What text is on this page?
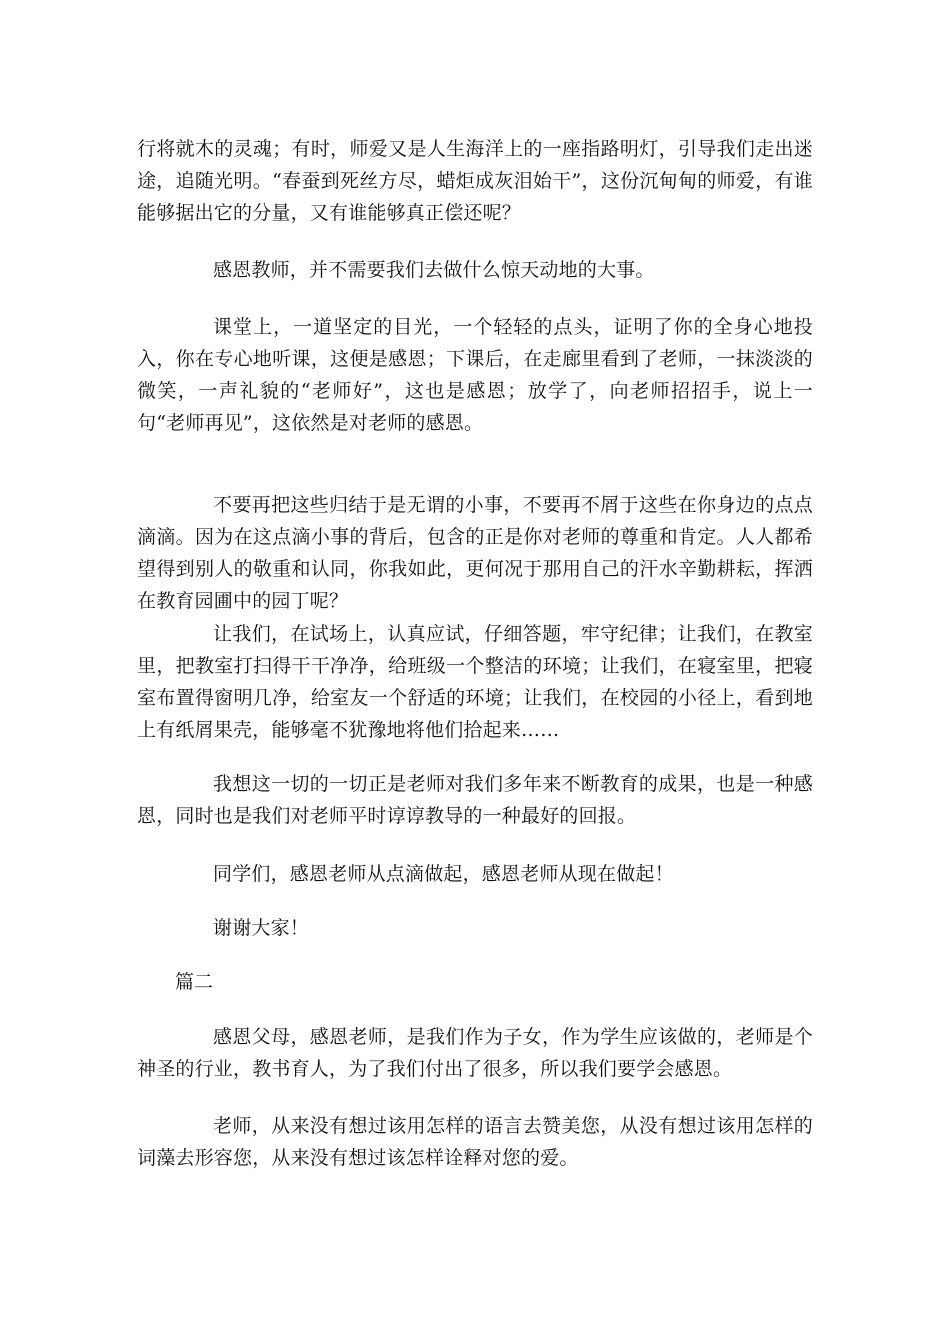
行将就木的灵魂；有时，师爱又是人生海洋上的一座指路明灯，引导我们走出迷途，追随光明。“春蚕到死丝方尽，蜡炬成灰泪始干”，这份沉甸甸的师爱，有谁能够据出它的分量，又有谁能够真正偿还呢？

感恩教师，并不需要我们去做什么惊天动地的大事。

课堂上，一道坚定的目光，一个轻轻的点头，证明了你的全身心地投入，你在专心地听课，这便是感恩；下课后，在走廊里看到了老师，一抹淡淡的微笑，一声礼貌的“老师好”，这也是感恩；放学了，向老师招招手，说上一句“老师再见”，这依然是对老师的感恩。

不要再把这些归结于是无谓的小事，不要再不屑于这些在你身边的点点滴滴。因为在这点滴小事的背后，包含的正是你对老师的尊重和肯定。人人都希望得到别人的敬重和认同，你我如此，更何况于那用自己的汗水辛勤耕耘，挥洒在教育园圃中的园丁呢？

让我们，在试场上，认真应试，仔细答题，牢守纪律；让我们，在教室里，把教室打扫得干干净净，给班级一个整洁的环境；让我们，在寝室里，把寝室布置得窗明几净，给室友一个舒适的环境；让我们，在校园的小径上，看到地上有纸屑果壳，能够毫不犹豫地将他们拾起来……

我想这一切的一切正是老师对我们多年来不断教育的成果，也是一种感恩，同时也是我们对老师平时谆谆教导的一种最好的回报。

同学们，感恩老师从点滴做起，感恩老师从现在做起！

谢谢大家！

篇二

感恩父母，感恩老师，是我们作为子女，作为学生应该做的，老师是个神圣的行业，教书育人，为了我们付出了很多，所以我们要学会感恩。

老师，从来没有想过该用怎样的语言去赞美您，从没有想过该用怎样的词藻去形容您，从来没有想过该怎样诠释对您的爱。
